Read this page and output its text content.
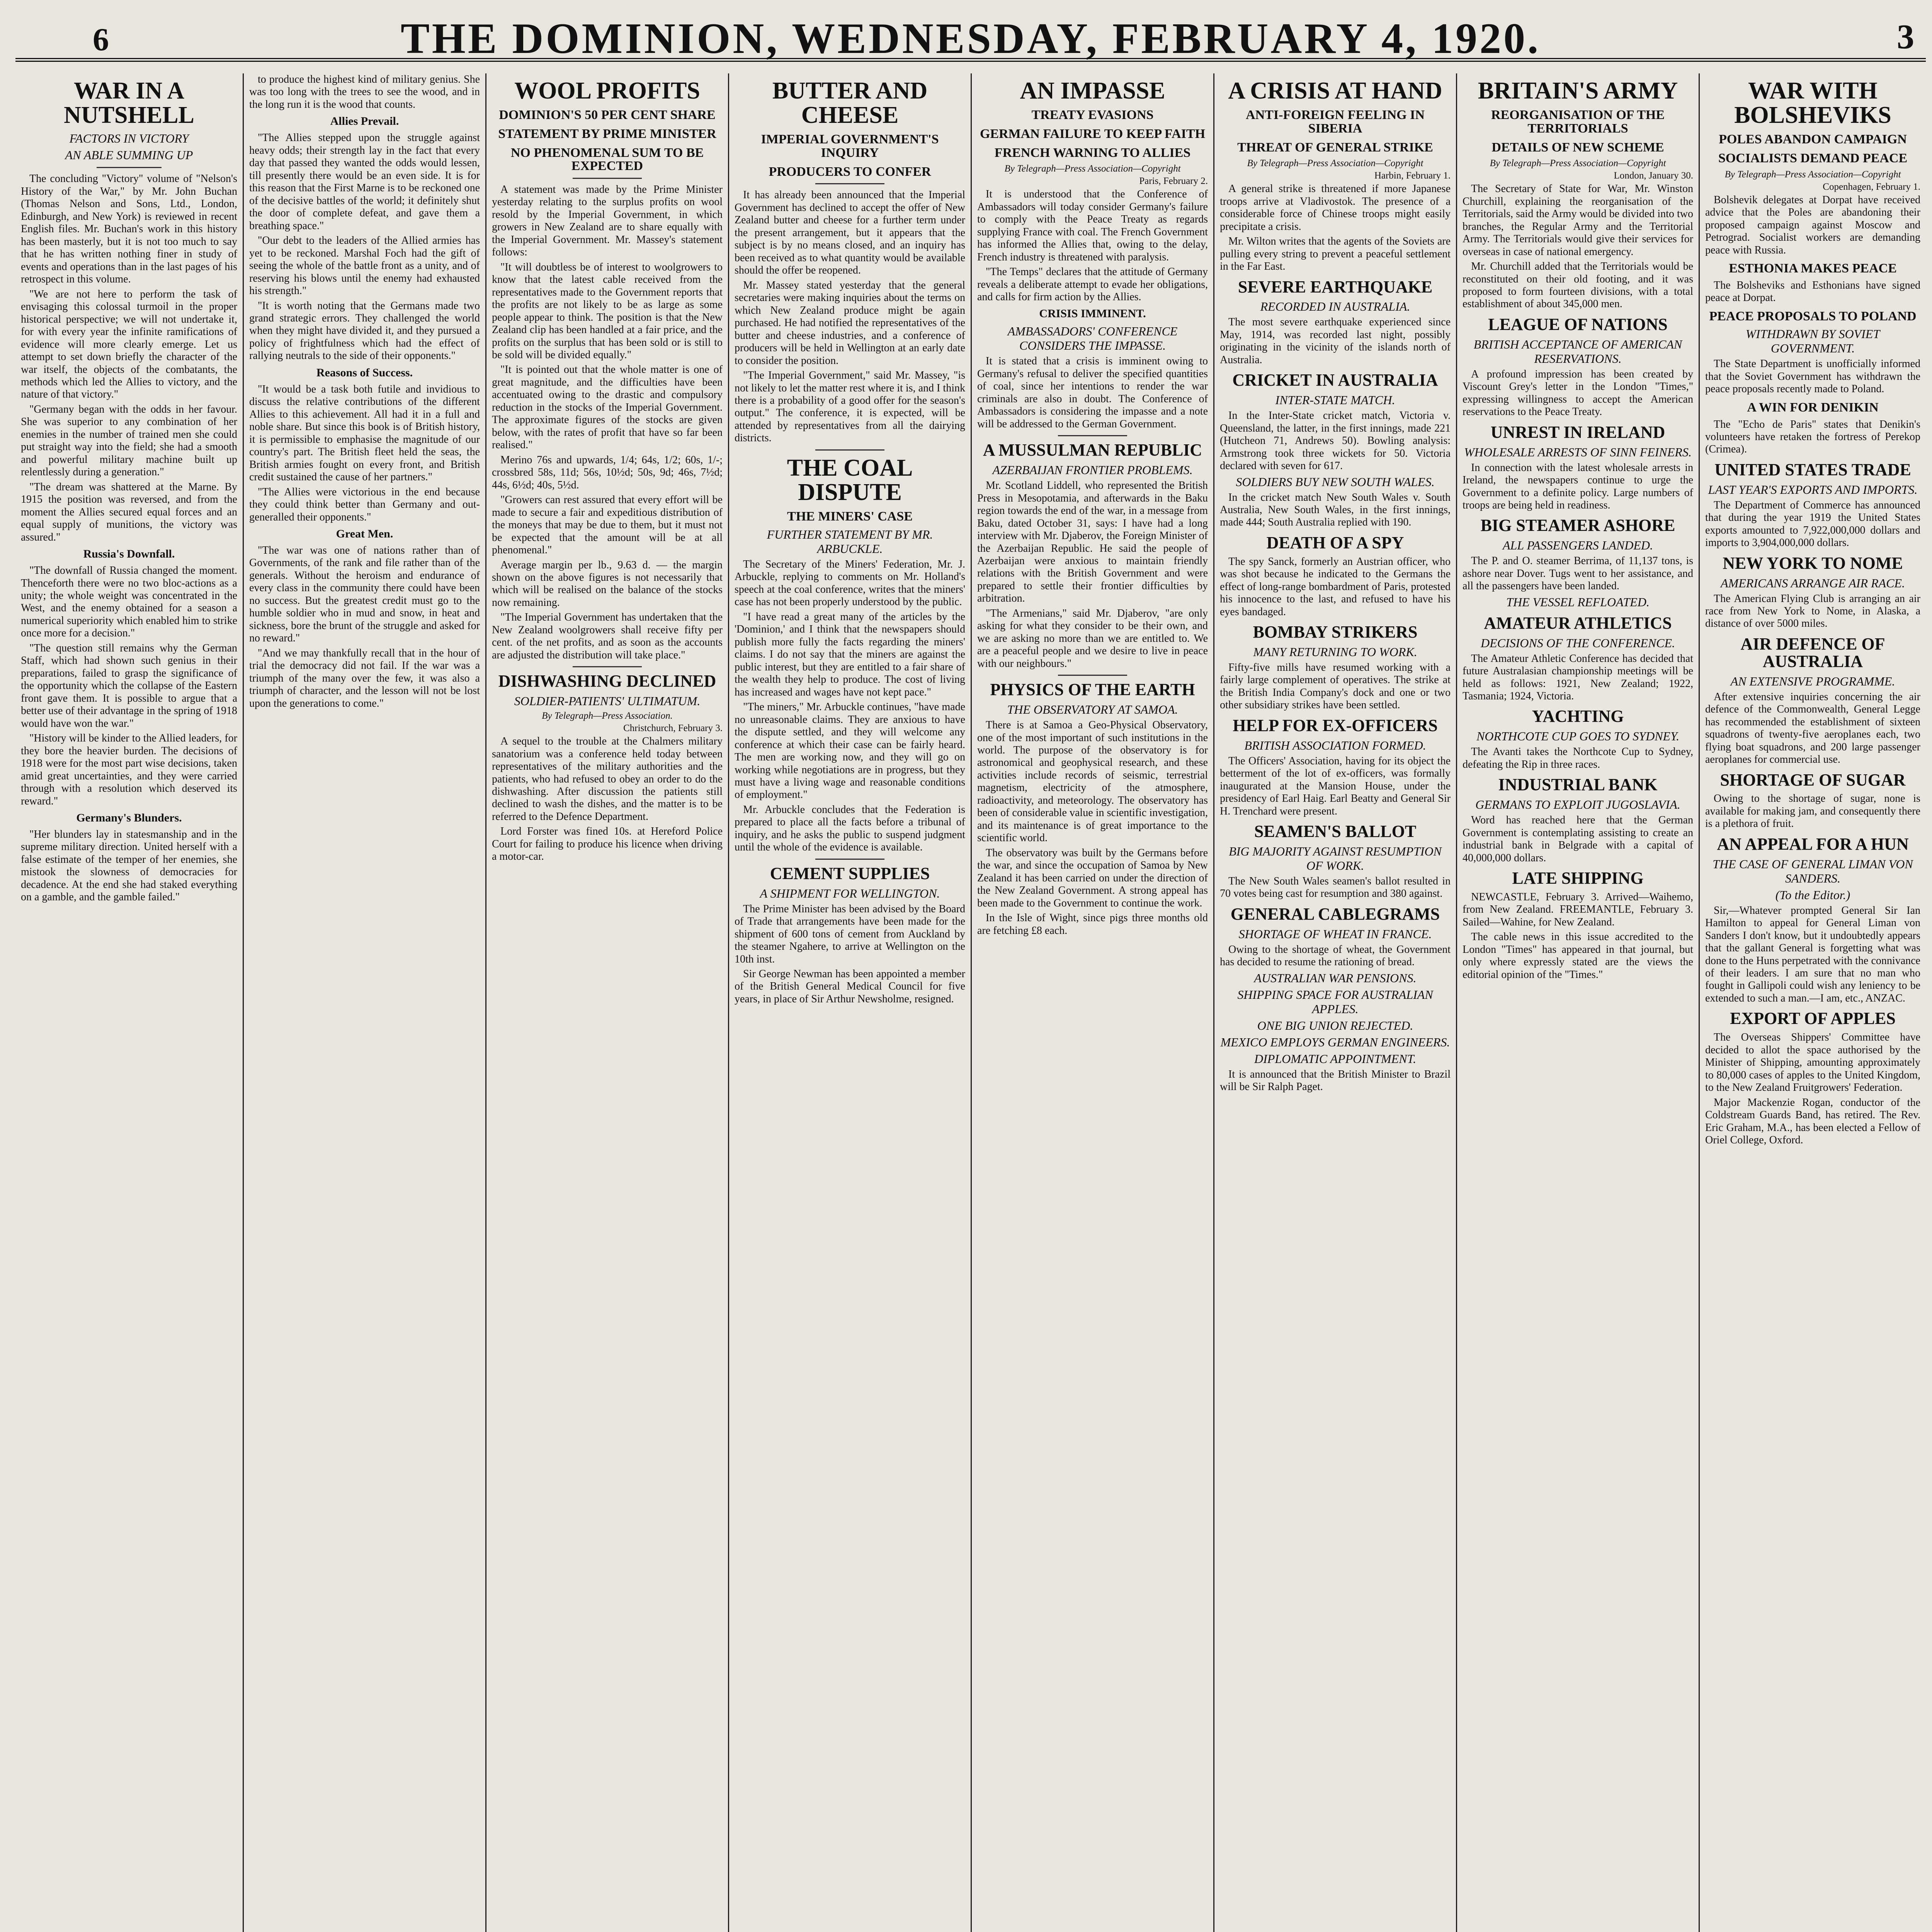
6	THE DOMINION, WEDNESDAY, FEBRUARY 4, 1920.	3
WAR IN A NUTSHELL
FACTORS IN VICTORY
AN ABLE SUMMING UP

The concluding "Victory" volume of "Nelson's History of the War," by Mr. John Buchan (Thomas Nelson and Sons, Ltd., London, Edinburgh, and New York) is reviewed in recent English files. Mr. Buchan's work in this history has been masterly, but it is not too much to say that he has written nothing finer in study of events and operations than in the last pages of his retrospect in this volume.

"We are not here to perform the task of envisaging this colossal turmoil in the proper historical perspective; we will not undertake it, for with every year the infinite ramifications of evidence will more clearly emerge. Let us attempt to set down briefly the character of the war itself, the objects of the combatants, the methods which led the Allies to victory, and the nature of that victory."

"Germany began with the odds in her favour. She was superior to any combination of her enemies in the number of trained men she could put straight way into the field; she had a smooth and powerful military machine built up relentlessly during a generation."

"The dream was shattered at the Marne. By 1915 the position was reversed, and from the moment the Allies secured equal forces and an equal supply of munitions, the victory was assured."

Russia's Downfall.

"The downfall of Russia changed the moment. Thenceforth there were no two bloc-actions as a unity; the whole weight was concentrated in the West, and the enemy obtained for a season a numerical superiority which enabled him to strike once more for a decision."

"The question still remains why the German Staff, which had shown such genius in their preparations, failed to grasp the significance of the opportunity which the collapse of the Eastern front gave them. It is possible to argue that a better use of their advantage in the spring of 1918 would have won the war."

"History will be kinder to the Allied leaders, for they bore the heavier burden. The decisions of 1918 were for the most part wise decisions, taken amid great uncertainties, and they were carried through with a resolution which deserved its reward."

Germany's Blunders.

"Her blunders lay in statesmanship and in the supreme military direction. United herself with a false estimate of the temper of her enemies, she mistook the slowness of democracies for decadence. At the end she had staked everything on a gamble, and the gamble failed."

to produce the highest kind of military genius. She was too long with the trees to see the wood, and in the long run it is the wood that counts.

Allies Prevail.

"The Allies stepped upon the struggle against heavy odds; their strength lay in the fact that every day that passed they wanted the odds would lessen, till presently there would be an even side. It is for this reason that the First Marne is to be reckoned one of the decisive battles of the world; it definitely shut the door of complete defeat, and gave them a breathing space."

"Our debt to the leaders of the Allied armies has yet to be reckoned. Marshal Foch had the gift of seeing the whole of the battle front as a unity, and of reserving his blows until the enemy had exhausted his strength."

"It is worth noting that the Germans made two grand strategic errors. They challenged the world when they might have divided it, and they pursued a policy of frightfulness which had the effect of rallying neutrals to the side of their opponents."

Reasons of Success.

"It would be a task both futile and invidious to discuss the relative contributions of the different Allies to this achievement. All had it in a full and noble share. But since this book is of British history, it is permissible to emphasise the magnitude of our country's part. The British fleet held the seas, the British armies fought on every front, and British credit sustained the cause of her partners."

"The Allies were victorious in the end because they could think better than Germany and out-generalled their opponents."

Great Men.

"The war was one of nations rather than of Governments, of the rank and file rather than of the generals. Without the heroism and endurance of every class in the community there could have been no success. But the greatest credit must go to the humble soldier who in mud and snow, in heat and sickness, bore the brunt of the struggle and asked for no reward."

"And we may thankfully recall that in the hour of trial the democracy did not fail. If the war was a triumph of the many over the few, it was also a triumph of character, and the lesson will not be lost upon the generations to come."

WOOL PROFITS
DOMINION'S 50 PER CENT SHARE
STATEMENT BY PRIME MINISTER
NO PHENOMENAL SUM TO BE EXPECTED

A statement was made by the Prime Minister yesterday relating to the surplus profits on wool resold by the Imperial Government, in which growers in New Zealand are to share equally with the Imperial Government. Mr. Massey's statement follows:

"It will doubtless be of interest to woolgrowers to know that the latest cable received from the representatives made to the Government reports that the profits are not likely to be as large as some people appear to think. The position is that the New Zealand clip has been handled at a fair price, and the profits on the surplus that has been sold or is still to be sold will be divided equally."

"It is pointed out that the whole matter is one of great magnitude, and the difficulties have been accentuated owing to the drastic and compulsory reduction in the stocks of the Imperial Government. The approximate figures of the stocks are given below, with the rates of profit that have so far been realised."

Merino 76s and upwards, 1/4; 64s, 1/2; 60s, 1/-; crossbred 58s, 11d; 56s, 10½d; 50s, 9d; 46s, 7½d; 44s, 6½d; 40s, 5½d.

"Growers can rest assured that every effort will be made to secure a fair and expeditious distribution of the moneys that may be due to them, but it must not be expected that the amount will be at all phenomenal."

Average margin per lb., 9.63 d. — the margin shown on the above figures is not necessarily that which will be realised on the balance of the stocks now remaining.

"The Imperial Government has undertaken that the New Zealand woolgrowers shall receive fifty per cent. of the net profits, and as soon as the accounts are adjusted the distribution will take place."

DISHWASHING DECLINED
SOLDIER-PATIENTS' ULTIMATUM.
By Telegraph—Press Association.
Christchurch, February 3.

A sequel to the trouble at the Chalmers military sanatorium was a conference held today between representatives of the military authorities and the patients, who had refused to obey an order to do the dishwashing. After discussion the patients still declined to wash the dishes, and the matter is to be referred to the Defence Department.

Lord Forster was fined 10s. at Hereford Police Court for failing to produce his licence when driving a motor-car.

BUTTER AND CHEESE
IMPERIAL GOVERNMENT'S INQUIRY
PRODUCERS TO CONFER

It has already been announced that the Imperial Government has declined to accept the offer of New Zealand butter and cheese for a further term under the present arrangement, but it appears that the subject is by no means closed, and an inquiry has been received as to what quantity would be available should the offer be reopened.

Mr. Massey stated yesterday that the general secretaries were making inquiries about the terms on which New Zealand produce might be again purchased. He had notified the representatives of the butter and cheese industries, and a conference of producers will be held in Wellington at an early date to consider the position.

"The Imperial Government," said Mr. Massey, "is not likely to let the matter rest where it is, and I think there is a probability of a good offer for the season's output." The conference, it is expected, will be attended by representatives from all the dairying districts.

THE COAL DISPUTE
THE MINERS' CASE
FURTHER STATEMENT BY MR. ARBUCKLE.

The Secretary of the Miners' Federation, Mr. J. Arbuckle, replying to comments on Mr. Holland's speech at the coal conference, writes that the miners' case has not been properly understood by the public.

"I have read a great many of the articles by the 'Dominion,' and I think that the newspapers should publish more fully the facts regarding the miners' claims. I do not say that the miners are against the public interest, but they are entitled to a fair share of the wealth they help to produce. The cost of living has increased and wages have not kept pace."

"The miners," Mr. Arbuckle continues, "have made no unreasonable claims. They are anxious to have the dispute settled, and they will welcome any conference at which their case can be fairly heard. The men are working now, and they will go on working while negotiations are in progress, but they must have a living wage and reasonable conditions of employment."

Mr. Arbuckle concludes that the Federation is prepared to place all the facts before a tribunal of inquiry, and he asks the public to suspend judgment until the whole of the evidence is available.

CEMENT SUPPLIES
A SHIPMENT FOR WELLINGTON.

The Prime Minister has been advised by the Board of Trade that arrangements have been made for the shipment of 600 tons of cement from Auckland by the steamer Ngahere, to arrive at Wellington on the 10th inst.

Sir George Newman has been appointed a member of the British General Medical Council for five years, in place of Sir Arthur Newsholme, resigned.

AN IMPASSE
TREATY EVASIONS
GERMAN FAILURE TO KEEP FAITH
FRENCH WARNING TO ALLIES
By Telegraph—Press Association—Copyright
Paris, February 2.

It is understood that the Conference of Ambassadors will today consider Germany's failure to comply with the Peace Treaty as regards supplying France with coal. The French Government has informed the Allies that, owing to the delay, French industry is threatened with paralysis.

"The Temps" declares that the attitude of Germany reveals a deliberate attempt to evade her obligations, and calls for firm action by the Allies.

CRISIS IMMINENT.
AMBASSADORS' CONFERENCE CONSIDERS THE IMPASSE.

It is stated that a crisis is imminent owing to Germany's refusal to deliver the specified quantities of coal, since her intentions to render the war criminals are also in doubt. The Conference of Ambassadors is considering the impasse and a note will be addressed to the German Government.

A MUSSULMAN REPUBLIC
AZERBAIJAN FRONTIER PROBLEMS.

Mr. Scotland Liddell, who represented the British Press in Mesopotamia, and afterwards in the Baku region towards the end of the war, in a message from Baku, dated October 31, says: I have had a long interview with Mr. Djaberov, the Foreign Minister of the Azerbaijan Republic. He said the people of Azerbaijan were anxious to maintain friendly relations with the British Government and were prepared to settle their frontier difficulties by arbitration.

"The Armenians," said Mr. Djaberov, "are only asking for what they consider to be their own, and we are asking no more than we are entitled to. We are a peaceful people and we desire to live in peace with our neighbours."

PHYSICS OF THE EARTH
THE OBSERVATORY AT SAMOA.

There is at Samoa a Geo-Physical Observatory, one of the most important of such institutions in the world. The purpose of the observatory is for astronomical and geophysical research, and these activities include records of seismic, terrestrial magnetism, electricity of the atmosphere, radioactivity, and meteorology. The observatory has been of considerable value in scientific investigation, and its maintenance is of great importance to the scientific world.

The observatory was built by the Germans before the war, and since the occupation of Samoa by New Zealand it has been carried on under the direction of the New Zealand Government. A strong appeal has been made to the Government to continue the work.

In the Isle of Wight, since pigs three months old are fetching £8 each.

A CRISIS AT HAND
ANTI-FOREIGN FEELING IN SIBERIA
THREAT OF GENERAL STRIKE
By Telegraph—Press Association—Copyright
Harbin, February 1.

A general strike is threatened if more Japanese troops arrive at Vladivostok. The presence of a considerable force of Chinese troops might easily precipitate a crisis.

Mr. Wilton writes that the agents of the Soviets are pulling every string to prevent a peaceful settlement in the Far East.

SEVERE EARTHQUAKE
RECORDED IN AUSTRALIA.

The most severe earthquake experienced since May, 1914, was recorded last night, possibly originating in the vicinity of the islands north of Australia.

CRICKET IN AUSTRALIA
INTER-STATE MATCH.

In the Inter-State cricket match, Victoria v. Queensland, the latter, in the first innings, made 221 (Hutcheon 71, Andrews 50). Bowling analysis: Armstrong took three wickets for 50. Victoria declared with seven for 617.

SOLDIERS BUY NEW SOUTH WALES.

In the cricket match New South Wales v. South Australia, New South Wales, in the first innings, made 444; South Australia replied with 190.

DEATH OF A SPY

The spy Sanck, formerly an Austrian officer, who was shot because he indicated to the Germans the effect of long-range bombardment of Paris, protested his innocence to the last, and refused to have his eyes bandaged.

BOMBAY STRIKERS
MANY RETURNING TO WORK.

Fifty-five mills have resumed working with a fairly large complement of operatives. The strike at the British India Company's dock and one or two other subsidiary strikes have been settled.

HELP FOR EX-OFFICERS
BRITISH ASSOCIATION FORMED.

The Officers' Association, having for its object the betterment of the lot of ex-officers, was formally inaugurated at the Mansion House, under the presidency of Earl Haig. Earl Beatty and General Sir H. Trenchard were present.

SEAMEN'S BALLOT
BIG MAJORITY AGAINST RESUMPTION OF WORK.

The New South Wales seamen's ballot resulted in 70 votes being cast for resumption and 380 against.

GENERAL CABLEGRAMS
SHORTAGE OF WHEAT IN FRANCE.

Owing to the shortage of wheat, the Government has decided to resume the rationing of bread.

AUSTRALIAN WAR PENSIONS.
SHIPPING SPACE FOR AUSTRALIAN APPLES.
ONE BIG UNION REJECTED.
MEXICO EMPLOYS GERMAN ENGINEERS.
DIPLOMATIC APPOINTMENT.

It is announced that the British Minister to Brazil will be Sir Ralph Paget.

BRITAIN'S ARMY
REORGANISATION OF THE TERRITORIALS
DETAILS OF NEW SCHEME
By Telegraph—Press Association—Copyright
London, January 30.

The Secretary of State for War, Mr. Winston Churchill, explaining the reorganisation of the Territorials, said the Army would be divided into two branches, the Regular Army and the Territorial Army. The Territorials would give their services for overseas in case of national emergency.

Mr. Churchill added that the Territorials would be reconstituted on their old footing, and it was proposed to form fourteen divisions, with a total establishment of about 345,000 men.

LEAGUE OF NATIONS
BRITISH ACCEPTANCE OF AMERICAN RESERVATIONS.

A profound impression has been created by Viscount Grey's letter in the London "Times," expressing willingness to accept the American reservations to the Peace Treaty.

UNREST IN IRELAND
WHOLESALE ARRESTS OF SINN FEINERS.

In connection with the latest wholesale arrests in Ireland, the newspapers continue to urge the Government to a definite policy. Large numbers of troops are being held in readiness.

BIG STEAMER ASHORE
ALL PASSENGERS LANDED.

The P. and O. steamer Berrima, of 11,137 tons, is ashore near Dover. Tugs went to her assistance, and all the passengers have been landed.

THE VESSEL REFLOATED.
AMATEUR ATHLETICS
DECISIONS OF THE CONFERENCE.

The Amateur Athletic Conference has decided that future Australasian championship meetings will be held as follows: 1921, New Zealand; 1922, Tasmania; 1924, Victoria.

YACHTING
NORTHCOTE CUP GOES TO SYDNEY.

The Avanti takes the Northcote Cup to Sydney, defeating the Rip in three races.

INDUSTRIAL BANK
GERMANS TO EXPLOIT JUGOSLAVIA.

Word has reached here that the German Government is contemplating assisting to create an industrial bank in Belgrade with a capital of 40,000,000 dollars.

LATE SHIPPING

NEWCASTLE, February 3. Arrived—Waihemo, from New Zealand. FREEMANTLE, February 3. Sailed—Wahine, for New Zealand.

The cable news in this issue accredited to the London "Times" has appeared in that journal, but only where expressly stated are the views the editorial opinion of the "Times."

WAR WITH BOLSHEVIKS
POLES ABANDON CAMPAIGN
SOCIALISTS DEMAND PEACE
By Telegraph—Press Association—Copyright
Copenhagen, February 1.

Bolshevik delegates at Dorpat have received advice that the Poles are abandoning their proposed campaign against Moscow and Petrograd. Socialist workers are demanding peace with Russia.

ESTHONIA MAKES PEACE

The Bolsheviks and Esthonians have signed peace at Dorpat.

PEACE PROPOSALS TO POLAND
WITHDRAWN BY SOVIET GOVERNMENT.

The State Department is unofficially informed that the Soviet Government has withdrawn the peace proposals recently made to Poland.

A WIN FOR DENIKIN

The "Echo de Paris" states that Denikin's volunteers have retaken the fortress of Perekop (Crimea).

UNITED STATES TRADE
LAST YEAR'S EXPORTS AND IMPORTS.

The Department of Commerce has announced that during the year 1919 the United States exports amounted to 7,922,000,000 dollars and imports to 3,904,000,000 dollars.

NEW YORK TO NOME
AMERICANS ARRANGE AIR RACE.

The American Flying Club is arranging an air race from New York to Nome, in Alaska, a distance of over 5000 miles.

AIR DEFENCE OF AUSTRALIA
AN EXTENSIVE PROGRAMME.

After extensive inquiries concerning the air defence of the Commonwealth, General Legge has recommended the establishment of sixteen squadrons of twenty-five aeroplanes each, two flying boat squadrons, and 200 large passenger aeroplanes for commercial use.

SHORTAGE OF SUGAR

Owing to the shortage of sugar, none is available for making jam, and consequently there is a plethora of fruit.

AN APPEAL FOR A HUN
THE CASE OF GENERAL LIMAN VON SANDERS.
(To the Editor.)

Sir,—Whatever prompted General Sir Ian Hamilton to appeal for General Liman von Sanders I don't know, but it undoubtedly appears that the gallant General is forgetting what was done to the Huns perpetrated with the connivance of their leaders. I am sure that no man who fought in Gallipoli could wish any leniency to be extended to such a man.—I am, etc., ANZAC.

EXPORT OF APPLES

The Overseas Shippers' Committee have decided to allot the space authorised by the Minister of Shipping, amounting approximately to 80,000 cases of apples to the United Kingdom, to the New Zealand Fruitgrowers' Federation.

Major Mackenzie Rogan, conductor of the Coldstream Guards Band, has retired. The Rev. Eric Graham, M.A., has been elected a Fellow of Oriel College, Oxford.
